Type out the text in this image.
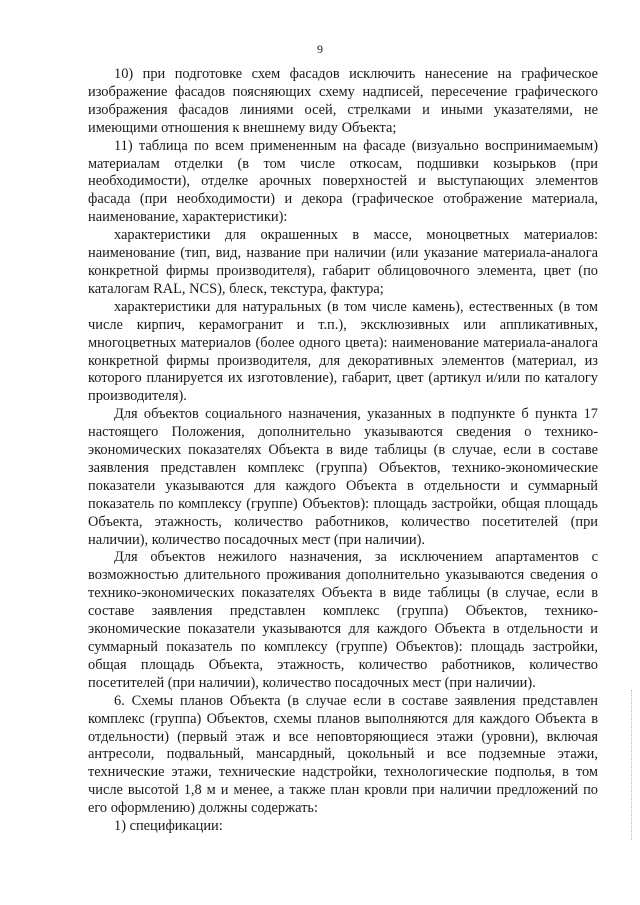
9

10) при подготовке схем фасадов исключить нанесение на графическое изображение фасадов поясняющих схему надписей, пересечение графического изображения фасадов линиями осей, стрелками и иными указателями, не имеющими отношения к внешнему виду Объекта;

11) таблица по всем примененным на фасаде (визуально воспринимаемым) материалам отделки (в том числе откосам, подшивки козырьков (при необходимости), отделке арочных поверхностей и выступающих элементов фасада (при необходимости) и декора (графическое отображение материала, наименование, характеристики):

характеристики для окрашенных в массе, моноцветных материалов: наименование (тип, вид, название при наличии (или указание материала-аналога конкретной фирмы производителя), габарит облицовочного элемента, цвет (по каталогам RAL, NCS), блеск, текстура, фактура;

характеристики для натуральных (в том числе камень), естественных (в том числе кирпич, керамогранит и т.п.), эксклюзивных или аппликативных, многоцветных материалов (более одного цвета): наименование материала-аналога конкретной фирмы производителя, для декоративных элементов (материал, из которого планируется их изготовление), габарит, цвет (артикул и/или по каталогу производителя).

Для объектов социального назначения, указанных в подпункте б пункта 17 настоящего Положения, дополнительно указываются сведения о технико-экономических показателях Объекта в виде таблицы (в случае, если в составе заявления представлен комплекс (группа) Объектов, технико-экономические показатели указываются для каждого Объекта в отдельности и суммарный показатель по комплексу (группе) Объектов): площадь застройки, общая площадь Объекта, этажность, количество работников, количество посетителей (при наличии), количество посадочных мест (при наличии).

Для объектов нежилого назначения, за исключением апартаментов с возможностью длительного проживания дополнительно указываются сведения о технико-экономических показателях Объекта в виде таблицы (в случае, если в составе заявления представлен комплекс (группа) Объектов, технико-экономические показатели указываются для каждого Объекта в отдельности и суммарный показатель по комплексу (группе) Объектов): площадь застройки, общая площадь Объекта, этажность, количество работников, количество посетителей (при наличии), количество посадочных мест (при наличии).

6. Схемы планов Объекта (в случае если в составе заявления представлен комплекс (группа) Объектов, схемы планов выполняются для каждого Объекта в отдельности) (первый этаж и все неповторяющиеся этажи (уровни), включая антресоли, подвальный, мансардный, цокольный и все подземные этажи, технические этажи, технические надстройки, технологические подполья, в том числе высотой 1,8 м и менее, а также план кровли при наличии предложений по его оформлению) должны содержать:

1) спецификации:
